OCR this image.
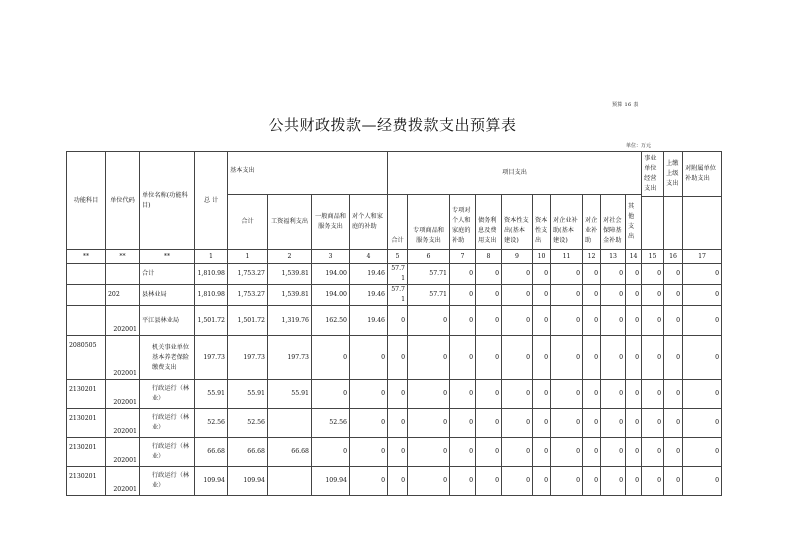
预算 16 表
公共财政拨款—经费拨款支出预算表
单位：万元
功能科目	单位代码	单位名称(功能科目)	总 计	基本支出				项目支出										事业单位经营支出	上缴上级支出	对附属单位补助支出
				合计	工资福利支出	一般商品和服务支出	对个人和家庭的补助	合计	专项商品和服务支出	专项对个人和家庭的补助	债务利息及费用支出	资本性支出(基本建设)	资本性支出	对企业补助(基本建设)	对企业补助	对社会保障基金补助	其他支出			

**	**	**	1	1	2	3	4	5	6	7	8	9	10	11	12	13	14	15	16	17
		合计	1,810.98	1,753.27	1,539.81	194.00	19.46	57.71	57.71	0	0	0	0	0	0	0	0	0	0	0
	202	县林业局	1,810.98	1,753.27	1,539.81	194.00	19.46	57.71	57.71	0	0	0	0	0	0	0	0	0	0	0
	202001	平江县林业局	1,501.72	1,501.72	1,319.76	162.50	19.46	0	0	0	0	0	0	0	0	0	0	0	0	0
2080505	202001	机关事业单位基本养老保险缴费支出	197.73	197.73	197.73	0	0	0	0	0	0	0	0	0	0	0	0	0	0	0
2130201	202001	行政运行（林业）	55.91	55.91	55.91	0	0	0	0	0	0	0	0	0	0	0	0	0	0	0
2130201	202001	行政运行（林业）	52.56	52.56		52.56	0	0	0	0	0	0	0	0	0	0	0	0	0	0
2130201	202001	行政运行（林业）	66.68	66.68	66.68	0	0	0	0	0	0	0	0	0	0	0	0	0	0	0
2130201	202001	行政运行（林业）	109.94	109.94		109.94	0	0	0	0	0	0	0	0	0	0	0	0	0	0
